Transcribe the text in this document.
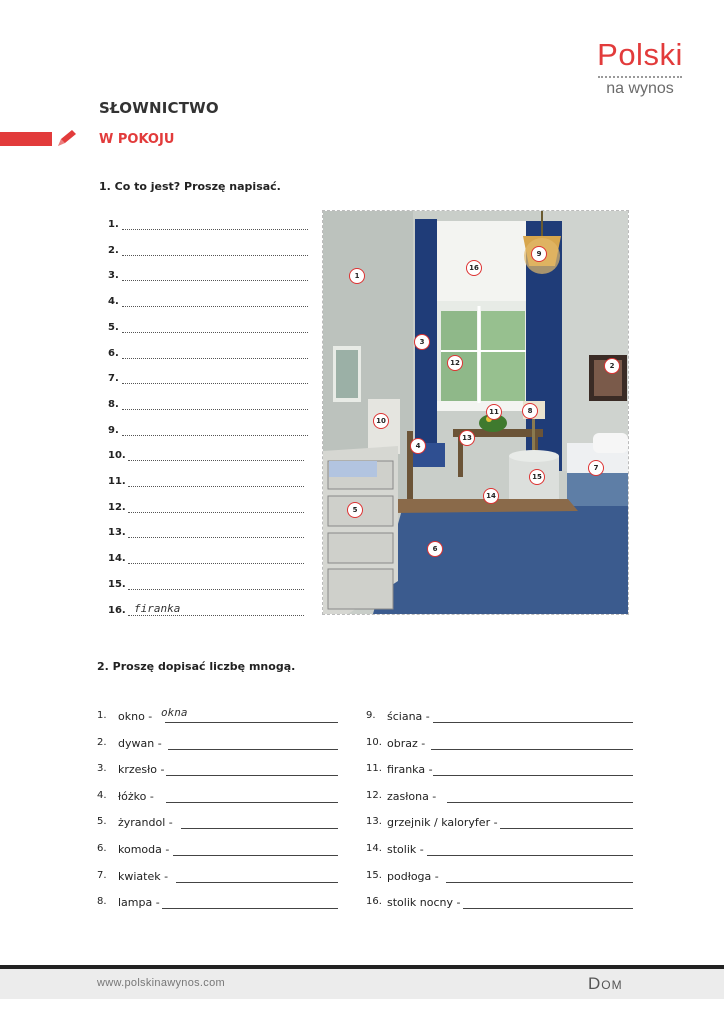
Polski
na wynos
SŁOWNICTWO
W POKOJU
1. Co to jest? Proszę napisać.
1.
2.
3.
4.
5.
6.
7.
8.
9.
10.
11.
12.
13.
14.
15.
16. firanka
1
2
3
4
5
6
7
8
9
10
11
12
13
14
15
16
2. Proszę dopisać liczbę mnogą.
1.	okno - okna
2.	dywan -
3.	krzesło -
4.	łóżko -
5.	żyrandol -
6.	komoda -
7.	kwiatek -
8.	lampa -
9.	ściana -
10. obraz -
11. firanka -
12. zasłona -
13. grzejnik / kaloryfer -
14. stolik -
15. podłoga -
16. stolik nocny -
www.polskinawynos.com	Dom
